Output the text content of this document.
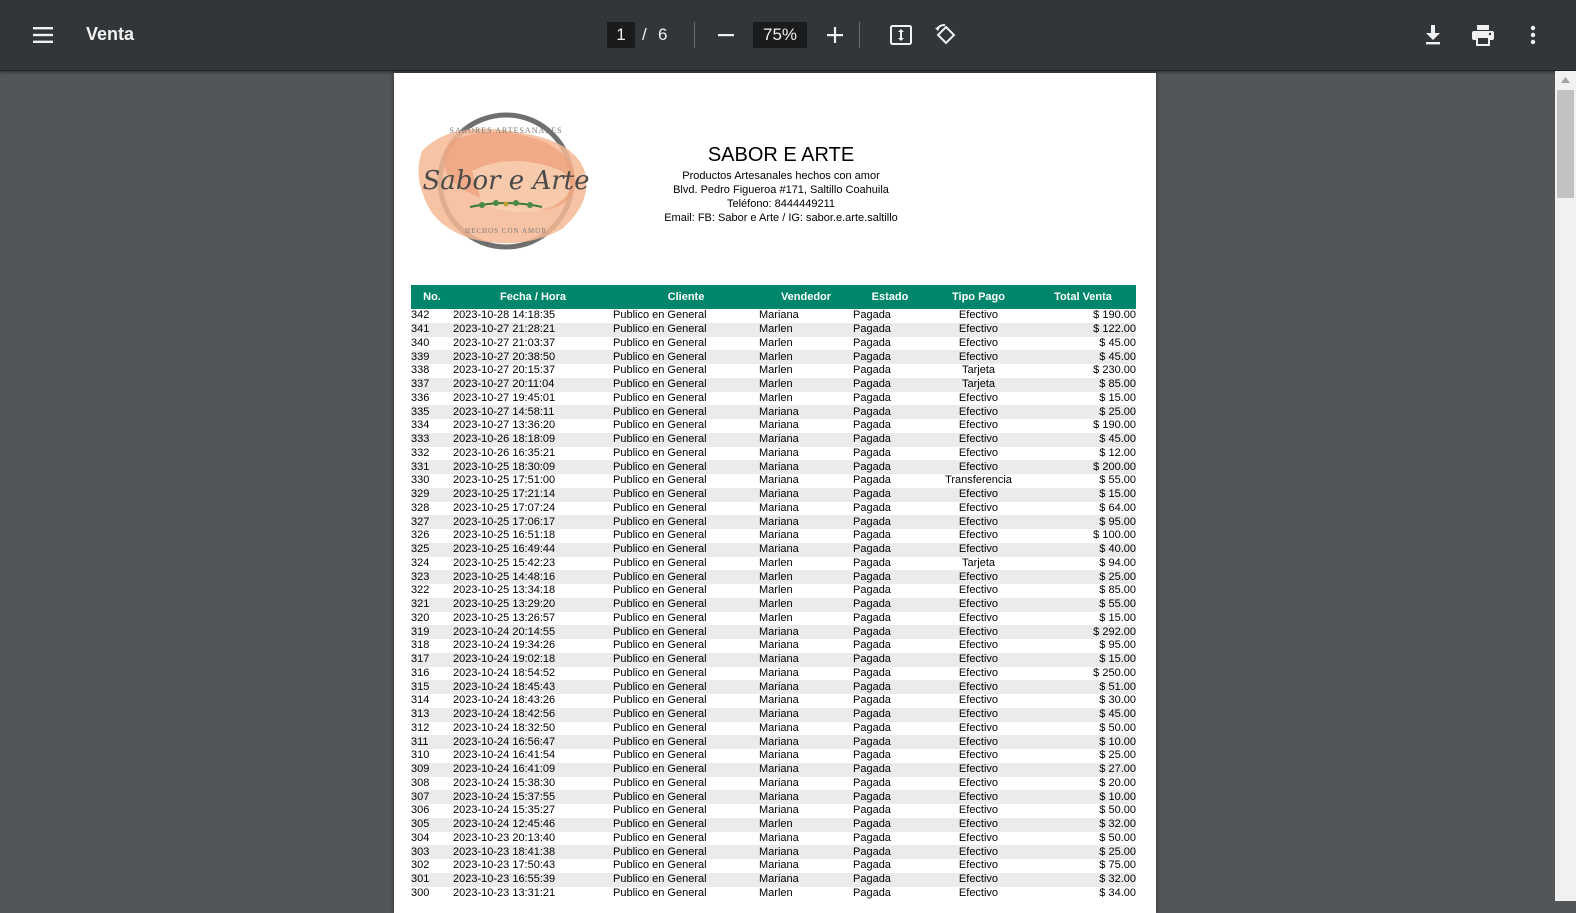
Venta	1 / 6	75%
SABORES ARTESANALES
Sabor e Arte
HECHOS CON AMOR
SABOR E ARTE
Productos Artesanales hechos con amor
Blvd. Pedro Figueroa #171, Saltillo Coahuila
Teléfono: 8444449211
Email: FB: Sabor e Arte / IG: sabor.e.arte.saltillo
No.	Fecha / Hora	Cliente	Vendedor	Estado	Tipo Pago	Total Venta
342	2023-10-28 14:18:35	Publico en General	Mariana	Pagada	Efectivo	$ 190.00
341	2023-10-27 21:28:21	Publico en General	Marlen	Pagada	Efectivo	$ 122.00
340	2023-10-27 21:03:37	Publico en General	Marlen	Pagada	Efectivo	$ 45.00
339	2023-10-27 20:38:50	Publico en General	Marlen	Pagada	Efectivo	$ 45.00
338	2023-10-27 20:15:37	Publico en General	Marlen	Pagada	Tarjeta	$ 230.00
337	2023-10-27 20:11:04	Publico en General	Marlen	Pagada	Tarjeta	$ 85.00
336	2023-10-27 19:45:01	Publico en General	Marlen	Pagada	Efectivo	$ 15.00
335	2023-10-27 14:58:11	Publico en General	Mariana	Pagada	Efectivo	$ 25.00
334	2023-10-27 13:36:20	Publico en General	Mariana	Pagada	Efectivo	$ 190.00
333	2023-10-26 18:18:09	Publico en General	Mariana	Pagada	Efectivo	$ 45.00
332	2023-10-26 16:35:21	Publico en General	Mariana	Pagada	Efectivo	$ 12.00
331	2023-10-25 18:30:09	Publico en General	Mariana	Pagada	Efectivo	$ 200.00
330	2023-10-25 17:51:00	Publico en General	Mariana	Pagada	Transferencia	$ 55.00
329	2023-10-25 17:21:14	Publico en General	Mariana	Pagada	Efectivo	$ 15.00
328	2023-10-25 17:07:24	Publico en General	Mariana	Pagada	Efectivo	$ 64.00
327	2023-10-25 17:06:17	Publico en General	Mariana	Pagada	Efectivo	$ 95.00
326	2023-10-25 16:51:18	Publico en General	Mariana	Pagada	Efectivo	$ 100.00
325	2023-10-25 16:49:44	Publico en General	Mariana	Pagada	Efectivo	$ 40.00
324	2023-10-25 15:42:23	Publico en General	Marlen	Pagada	Tarjeta	$ 94.00
323	2023-10-25 14:48:16	Publico en General	Marlen	Pagada	Efectivo	$ 25.00
322	2023-10-25 13:34:18	Publico en General	Marlen	Pagada	Efectivo	$ 85.00
321	2023-10-25 13:29:20	Publico en General	Marlen	Pagada	Efectivo	$ 55.00
320	2023-10-25 13:26:57	Publico en General	Marlen	Pagada	Efectivo	$ 15.00
319	2023-10-24 20:14:55	Publico en General	Mariana	Pagada	Efectivo	$ 292.00
318	2023-10-24 19:34:26	Publico en General	Mariana	Pagada	Efectivo	$ 95.00
317	2023-10-24 19:02:18	Publico en General	Mariana	Pagada	Efectivo	$ 15.00
316	2023-10-24 18:54:52	Publico en General	Mariana	Pagada	Efectivo	$ 250.00
315	2023-10-24 18:45:43	Publico en General	Mariana	Pagada	Efectivo	$ 51.00
314	2023-10-24 18:43:26	Publico en General	Mariana	Pagada	Efectivo	$ 30.00
313	2023-10-24 18:42:56	Publico en General	Mariana	Pagada	Efectivo	$ 45.00
312	2023-10-24 18:32:50	Publico en General	Mariana	Pagada	Efectivo	$ 50.00
311	2023-10-24 16:56:47	Publico en General	Mariana	Pagada	Efectivo	$ 10.00
310	2023-10-24 16:41:54	Publico en General	Mariana	Pagada	Efectivo	$ 25.00
309	2023-10-24 16:41:09	Publico en General	Mariana	Pagada	Efectivo	$ 27.00
308	2023-10-24 15:38:30	Publico en General	Mariana	Pagada	Efectivo	$ 20.00
307	2023-10-24 15:37:55	Publico en General	Mariana	Pagada	Efectivo	$ 10.00
306	2023-10-24 15:35:27	Publico en General	Mariana	Pagada	Efectivo	$ 50.00
305	2023-10-24 12:45:46	Publico en General	Marlen	Pagada	Efectivo	$ 32.00
304	2023-10-23 20:13:40	Publico en General	Mariana	Pagada	Efectivo	$ 50.00
303	2023-10-23 18:41:38	Publico en General	Mariana	Pagada	Efectivo	$ 25.00
302	2023-10-23 17:50:43	Publico en General	Mariana	Pagada	Efectivo	$ 75.00
301	2023-10-23 16:55:39	Publico en General	Mariana	Pagada	Efectivo	$ 32.00
300	2023-10-23 13:31:21	Publico en General	Marlen	Pagada	Efectivo	$ 34.00
